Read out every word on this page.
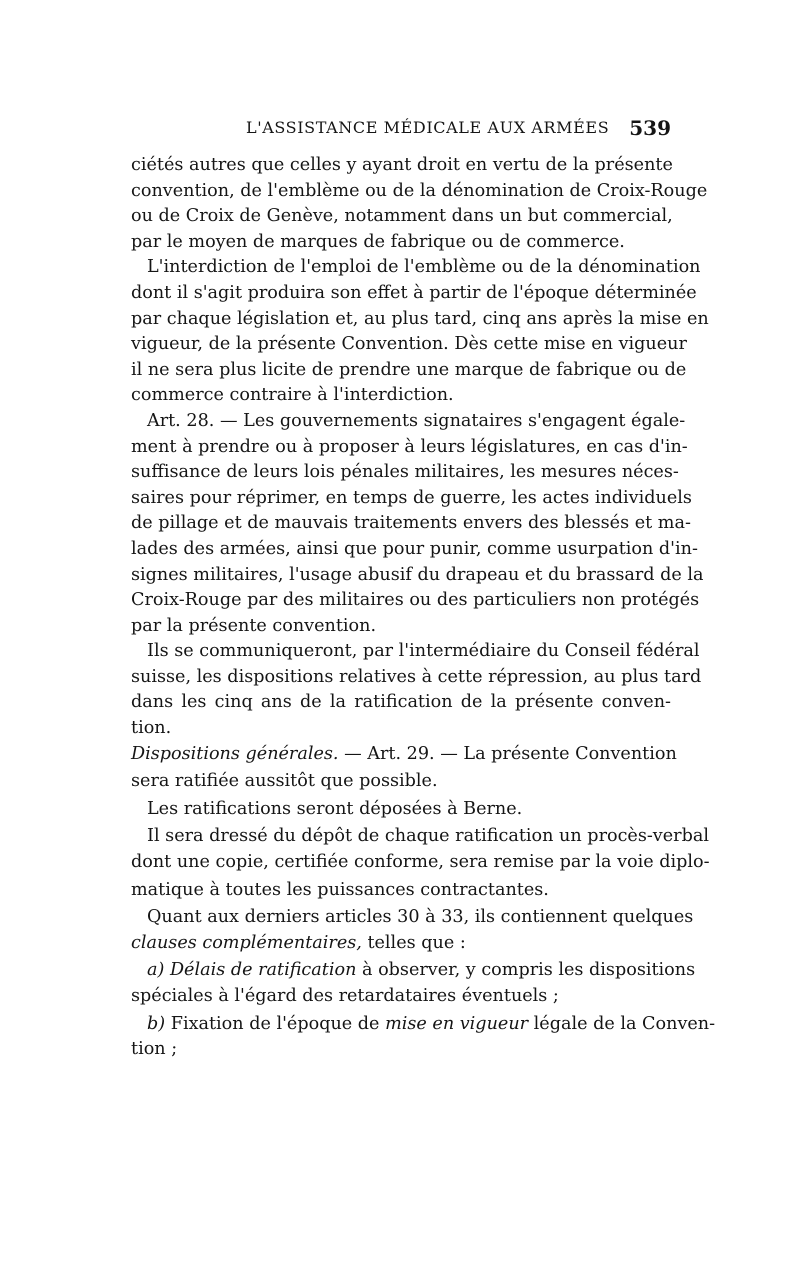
L'ASSISTANCE MÉDICALE AUX ARMÉES 539
ciétés autres que celles y ayant droit en vertu de la présente
convention, de l'emblème ou de la dénomination de Croix-Rouge
ou de Croix de Genève, notamment dans un but commercial,
par le moyen de marques de fabrique ou de commerce.
L'interdiction de l'emploi de l'emblème ou de la dénomination
dont il s'agit produira son effet à partir de l'époque déterminée
par chaque législation et, au plus tard, cinq ans après la mise en
vigueur, de la présente Convention. Dès cette mise en vigueur
il ne sera plus licite de prendre une marque de fabrique ou de
commerce contraire à l'interdiction.
Art. 28. — Les gouvernements signataires s'engagent égale-
ment à prendre ou à proposer à leurs législatures, en cas d'in-
suffisance de leurs lois pénales militaires, les mesures néces-
saires pour réprimer, en temps de guerre, les actes individuels
de pillage et de mauvais traitements envers des blessés et ma-
lades des armées, ainsi que pour punir, comme usurpation d'in-
signes militaires, l'usage abusif du drapeau et du brassard de la
Croix-Rouge par des militaires ou des particuliers non protégés
par la présente convention.
Ils se communiqueront, par l'intermédiaire du Conseil fédéral
suisse, les dispositions relatives à cette répression, au plus tard
dans les cinq ans de la ratification de la présente conven-
tion.
Dispositions générales. — Art. 29. — La présente Convention
sera ratifiée aussitôt que possible.
Les ratifications seront déposées à Berne.
Il sera dressé du dépôt de chaque ratification un procès-verbal
dont une copie, certifiée conforme, sera remise par la voie diplo-
matique à toutes les puissances contractantes.
Quant aux derniers articles 30 à 33, ils contiennent quelques
clauses complémentaires, telles que :
a) Délais de ratification à observer, y compris les dispositions
spéciales à l'égard des retardataires éventuels ;
b) Fixation de l'époque de mise en vigueur légale de la Conven-
tion ;
